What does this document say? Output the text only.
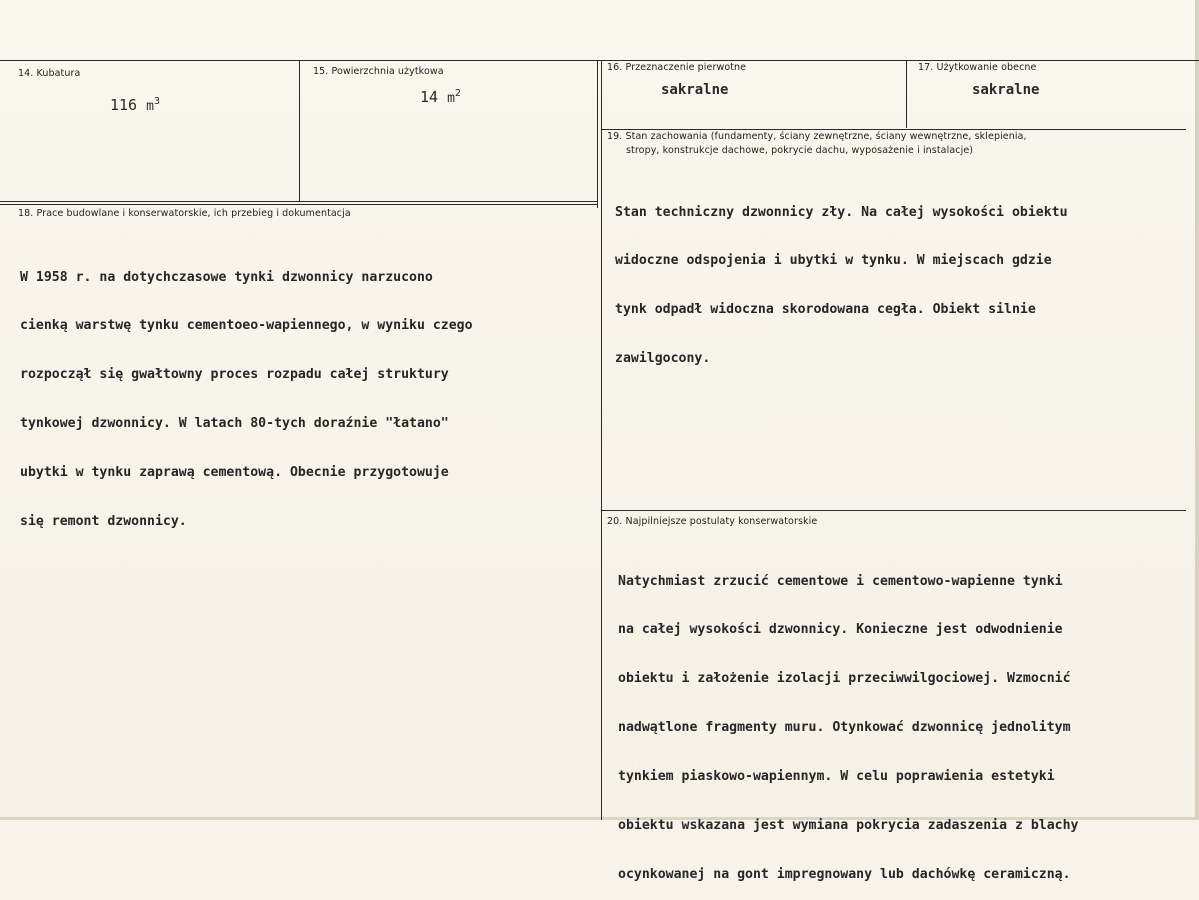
14. Kubatura
116 $m^3$
15. Powierzchnia użytkowa
14 $m^2$
16. Przeznaczenie pierwotne
sakralne
17. Użytkowanie obecne
sakralne
19. Stan zachowania (fundamenty, ściany zewnętrzne, ściany wewnętrzne, sklepienia,
stropy, konstrukcje dachowe, pokrycie dachu, wyposażenie i instalacje)

Stan techniczny dzwonnicy zły. Na całej wysokości obiektu

widoczne odspojenia i ubytki w tynku. W miejscach gdzie

tynk odpadł widoczna skorodowana cegła. Obiekt silnie

zawilgocony.

18. Prace budowlane i konserwatorskie, ich przebieg i dokumentacja

W 1958 r. na dotychczasowe tynki dzwonnicy narzucono

cienką warstwę tynku cementoeo-wapiennego, w wyniku czego

rozpoczął się gwałtowny proces rozpadu całej struktury

tynkowej dzwonnicy. W latach 80-tych doraźnie "łatano"

ubytki w tynku zaprawą cementową. Obecnie przygotowuje

się remont dzwonnicy.	20. Najpilniejsze postulaty konserwatorskie

Natychmiast zrzucić cementowe i cementowo-wapienne tynki

na całej wysokości dzwonnicy. Konieczne jest odwodnienie

obiektu i założenie izolacji przeciwwilgociowej. Wzmocnić

nadwątlone fragmenty muru. Otynkować dzwonnicę jednolitym

tynkiem piaskowo-wapiennym. W celu poprawienia estetyki

obiektu wskazana jest wymiana pokrycia zadaszenia z blachy

ocynkowanej na gont impregnowany lub dachówkę ceramiczną.
